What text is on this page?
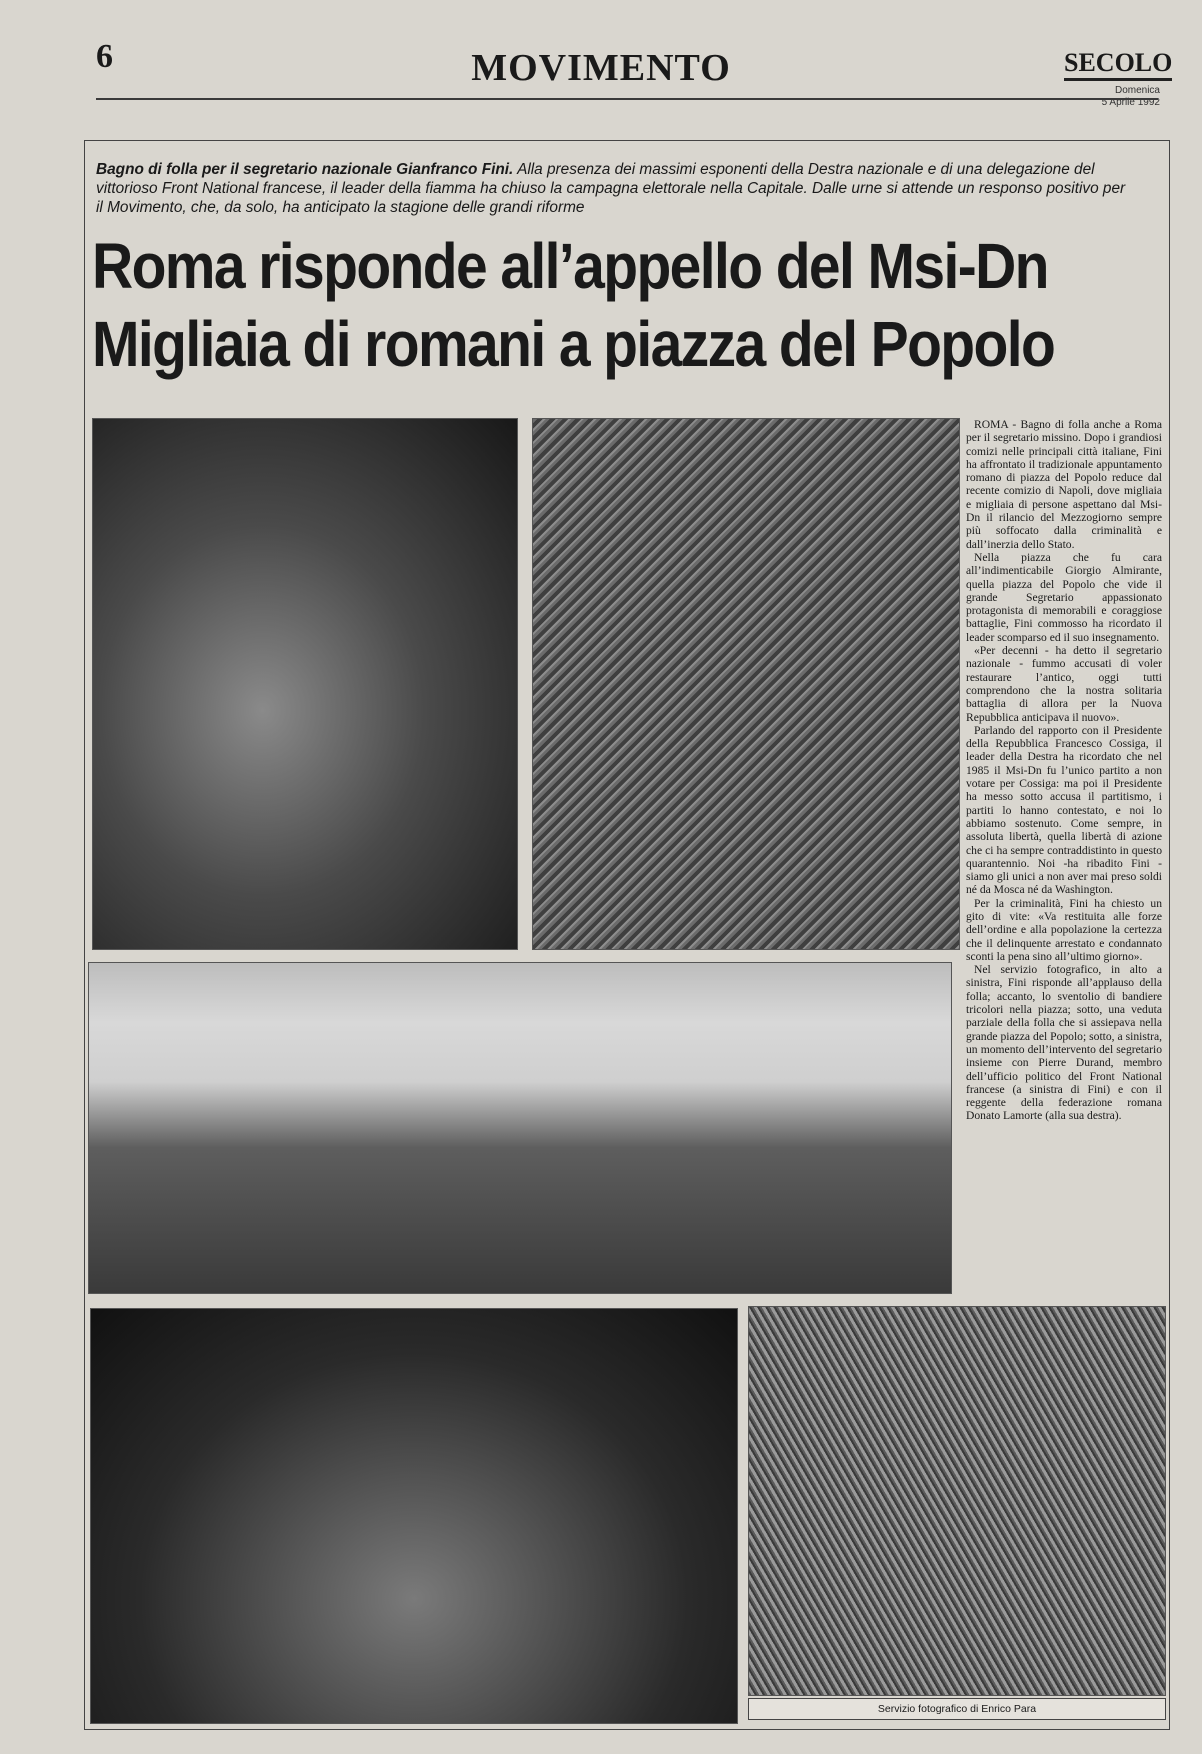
6	MOVIMENTO	SECOLO
Domenica
5 Aprile 1992
Bagno di folla per il segretario nazionale Gianfranco Fini. Alla presenza dei massimi esponenti della Destra nazionale e di una delegazione del vittorioso Front National francese, il leader della fiamma ha chiuso la campagna elettorale nella Capitale. Dalle urne si attende un responso positivo per il Movimento, che, da solo, ha anticipato la stagione delle grandi riforme
Roma risponde all’appello del Msi-Dn
Migliaia di romani a piazza del Popolo

ROMA - Bagno di folla anche a Roma per il segretario missino. Dopo i grandiosi comizi nelle principali città italiane, Fini ha affrontato il tradizionale appuntamento romano di piazza del Popolo reduce dal recente comizio di Napoli, dove migliaia e migliaia di persone aspettano dal Msi-Dn il rilancio del Mezzogiorno sempre più soffocato dalla criminalità e dall’inerzia dello Stato.

Nella piazza che fu cara all’indimenticabile Giorgio Almirante, quella piazza del Popolo che vide il grande Segretario appassionato protagonista di memorabili e coraggiose battaglie, Fini commosso ha ricordato il leader scomparso ed il suo insegnamento.

«Per decenni - ha detto il segretario nazionale - fummo accusati di voler restaurare l’antico, oggi tutti comprendono che la nostra solitaria battaglia di allora per la Nuova Repubblica anticipava il nuovo».

Parlando del rapporto con il Presidente della Repubblica Francesco Cossiga, il leader della Destra ha ricordato che nel 1985 il Msi-Dn fu l’unico partito a non votare per Cossiga: ma poi il Presidente ha messo sotto accusa il partitismo, i partiti lo hanno contestato, e noi lo abbiamo sostenuto. Come sempre, in assoluta libertà, quella libertà di azione che ci ha sempre contraddistinto in questo quarantennio. Noi -ha ribadito Fini - siamo gli unici a non aver mai preso soldi né da Mosca né da Washington.

Per la criminalità, Fini ha chiesto un gito di vite: «Va restituita alle forze dell’ordine e alla popolazione la certezza che il delinquente arrestato e condannato sconti la pena sino all’ultimo giorno».

Nel servizio fotografico, in alto a sinistra, Fini risponde all’applauso della folla; accanto, lo sventolio di bandiere tricolori nella piazza; sotto, una veduta parziale della folla che si assiepava nella grande piazza del Popolo; sotto, a sinistra, un momento dell’intervento del segretario insieme con Pierre Durand, membro dell’ufficio politico del Front National francese (a sinistra di Fini) e con il reggente della federazione romana Donato Lamorte (alla sua destra).

Servizio fotografico di Enrico Para
